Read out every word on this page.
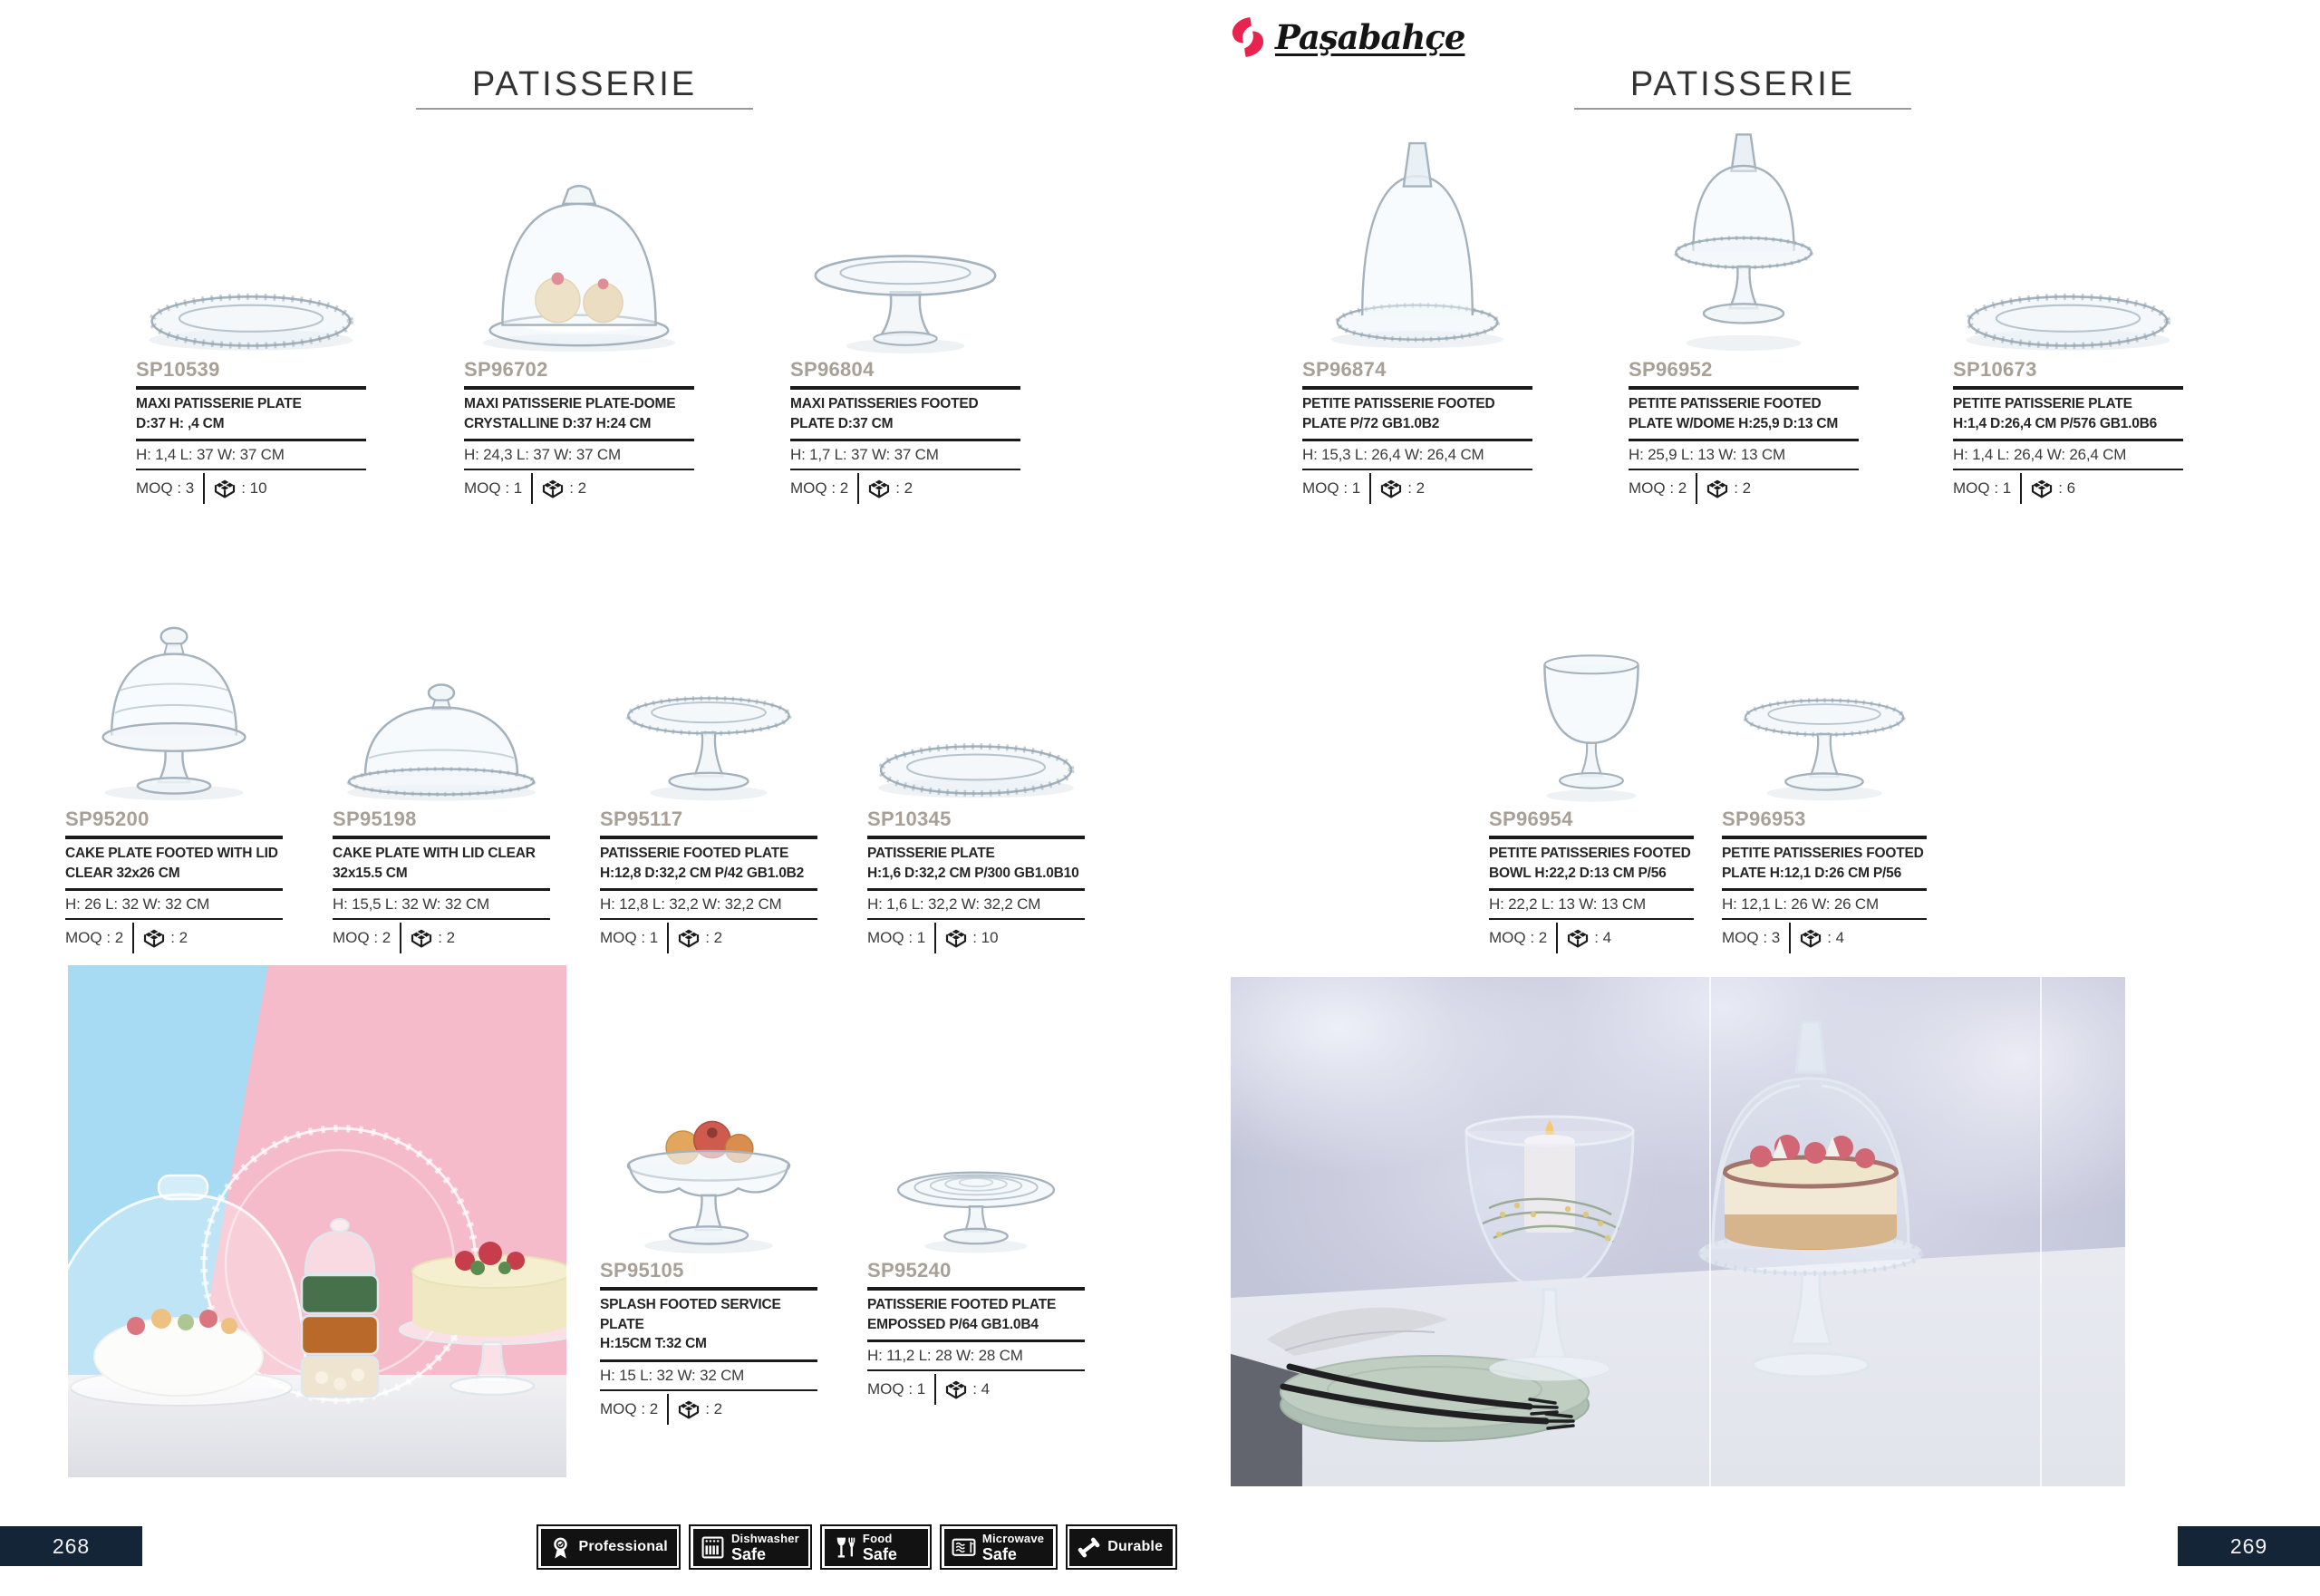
PATISSERIE
Paşabahçe
PATISSERIE
SP10539
MAXI PATISSERIE PLATE
D:37 H: ,4 CM
H: 1,4 L: 37 W: 37 CM
MOQ : 3	: 10
SP96702
MAXI PATISSERIE PLATE-DOME
CRYSTALLINE D:37 H:24 CM
H: 24,3 L: 37 W: 37 CM
MOQ : 1	: 2
SP96804
MAXI PATISSERIES FOOTED
PLATE D:37 CM
H: 1,7 L: 37 W: 37 CM
MOQ : 2	: 2
SP96874
PETITE PATISSERIE FOOTED
PLATE P/72 GB1.0B2
H: 15,3 L: 26,4 W: 26,4 CM
MOQ : 1	: 2
SP96952
PETITE PATISSERIE FOOTED
PLATE W/DOME H:25,9 D:13 CM
H: 25,9 L: 13 W: 13 CM
MOQ : 2	: 2
SP10673
PETITE PATISSERIE PLATE
H:1,4 D:26,4 CM P/576 GB1.0B6
H: 1,4 L: 26,4 W: 26,4 CM
MOQ : 1	: 6
SP95200
CAKE PLATE FOOTED WITH LID
CLEAR 32x26 CM
H: 26 L: 32 W: 32 CM
MOQ : 2	: 2
SP95198
CAKE PLATE WITH LID CLEAR
32x15.5 CM
H: 15,5 L: 32 W: 32 CM
MOQ : 2	: 2
SP95117
PATISSERIE FOOTED PLATE
H:12,8 D:32,2 CM P/42 GB1.0B2
H: 12,8 L: 32,2 W: 32,2 CM
MOQ : 1	: 2
SP10345
PATISSERIE PLATE
H:1,6 D:32,2 CM P/300 GB1.0B10
H: 1,6 L: 32,2 W: 32,2 CM
MOQ : 1	: 10
SP96954
PETITE PATISSERIES FOOTED
BOWL H:22,2 D:13 CM P/56
H: 22,2 L: 13 W: 13 CM
MOQ : 2	: 4
SP96953
PETITE PATISSERIES FOOTED
PLATE H:12,1 D:26 CM P/56
H: 12,1 L: 26 W: 26 CM
MOQ : 3	: 4
SP95105
SPLASH FOOTED SERVICE PLATE
H:15CM T:32 CM
H: 15 L: 32 W: 32 CM
MOQ : 2	: 2
SP95240
PATISSERIE FOOTED PLATE
EMPOSSED P/64 GB1.0B4
H: 11,2 L: 28 W: 28 CM
MOQ : 1	: 4
Professional
Dishwasher
Safe
Food
Safe
Microwave
Safe	Durable
268	269
